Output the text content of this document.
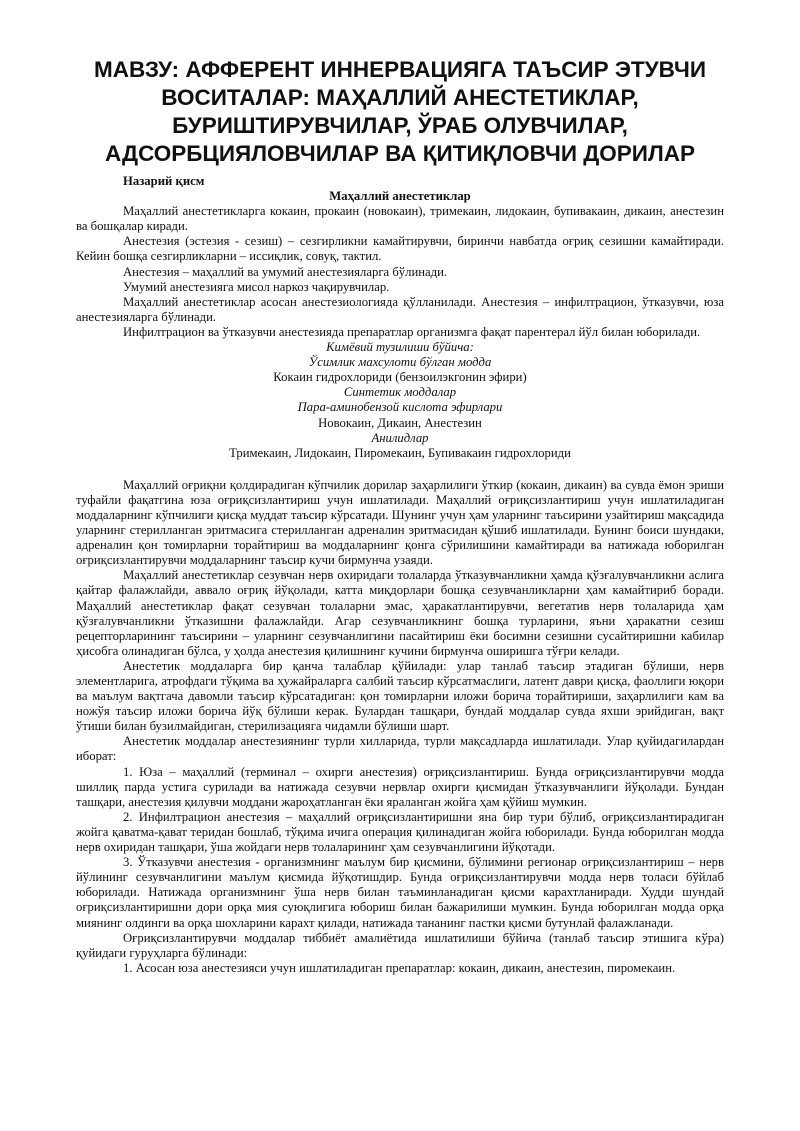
МАВЗУ: АФФЕРЕНТ ИННЕРВАЦИЯГА ТАЪСИР ЭТУВЧИ
ВОСИТАЛАР: МАҲАЛЛИЙ АНЕСТЕТИКЛАР,
БУРИШТИРУВЧИЛАР, ЎРАБ ОЛУВЧИЛАР,
АДСОРБЦИЯЛОВЧИЛАР ВА ҚИТИҚЛОВЧИ ДОРИЛАР

Назарий қисм

Маҳаллий анестетиклар

Маҳаллий анестетикларга кокаин, прокаин (новокаин), тримекаин, лидокаин, бупивакаин, дикаин, анестезин ва бошқалар киради.

Анестезия (эстезия - сезиш) – сезгирликни камайтирувчи, биринчи навбатда оғриқ сезишни камайтиради. Кейин бошқа сезгирликларни – иссиқлик, совуқ, тактил.

Анестезия – маҳаллий ва умумий анестезияларга бўлинади.

Умумий анестезияга мисол наркоз чақирувчилар.

Маҳаллий анестетиклар асосан анестезиологияда қўлланилади. Анестезия – инфилтрацион, ўтказувчи, юза анестезияларга бўлинади.

Инфилтрацион ва ўтказувчи анестезияда препаратлар организмга фақат парентерал йўл билан юборилади.

Кимёвий тузилиши бўйича:

Ўсимлик махсулоти бўлган модда

Кокаин гидрохлориди (бензоилэкгонин эфири)

Синтетик моддалар

Пара-аминобензой кислота эфирлари

Новокаин, Дикаин, Анестезин

Анилидлар

Тримекаин, Лидокаин, Пиромекаин, Бупивакаин гидрохлориди

Маҳаллий оғриқни қолдирадиган кўпчилик дорилар заҳарлилиги ўткир (кокаин, дикаин) ва сувда ёмон эриши туфайли фақатгина юза оғриқсизлантириш учун ишлатилади. Маҳаллий оғриқсизлантириш учун ишлатиладиган моддаларнинг кўпчилиги қисқа муддат таъсир кўрсатади. Шунинг учун ҳам уларнинг таъсирини узайтириш мақсадида уларнинг стерилланган эритмасига стерилланган адреналин эритмасидан қўшиб ишлатилади. Бунинг боиси шундаки, адреналин қон томирларни торайтириш ва моддаларнинг қонга сўрилишини камайтиради ва натижада юборилган оғриқсизлантирувчи моддаларнинг таъсир кучи бирмунча узаяди.

Маҳаллий анестетиклар сезувчан нерв охиридаги толаларда ўтказувчанликни ҳамда қўзғалувчанликни аслига қайтар фалажлайди, аввало оғриқ йўқолади, катта миқдорлари бошқа сезувчанликларни ҳам камайтириб боради. Маҳаллий анестетиклар фақат сезувчан толаларни эмас, ҳаракатлантирувчи, вегетатив нерв толаларида ҳам қўзғалувчанликни ўтказишни фалажлайди. Агар сезувчанликнинг бошқа турларини, яъни ҳаракатни сезиш рецепторларининг таъсирини – уларнинг сезувчанлигини пасайтириш ёки босимни сезишни сусайтиришни кабилар ҳисобга олинадиган бўлса, у ҳолда анестезия қилишнинг кучини бирмунча оширишга тўғри келади.

Анестетик моддаларга бир қанча талаблар қўйилади: улар танлаб таъсир этадиган бўлиши, нерв элементларига, атрофдаги тўқима ва ҳужайраларга салбий таъсир кўрсатмаслиги, латент даври қисқа, фаоллиги юқори ва маълум вақтгача давомли таъсир кўрсатадиган: қон томирларни иложи борича торайтириши, заҳарлилиги кам ва ножўя таъсир иложи борича йўқ бўлиши керак. Булардан ташқари, бундай моддалар сувда яхши эрийдиган, вақт ўтиши билан бузилмайдиган, стерилизацияга чидамли бўлиши шарт.

Анестетик моддалар анестезиянинг турли хилларида, турли мақсадларда ишлатилади. Улар қуйидагилардан иборат:

1. Юза – маҳаллий (терминал – охирги анестезия) оғриқсизлантириш. Бунда оғриқсизлантирувчи модда шиллиқ парда устига сурилади ва натижада сезувчи нервлар охирги қисмидан ўтказувчанлиги йўқолади. Бундан ташқари, анестезия қилувчи моддани жароҳатланган ёки яраланган жойга ҳам қўйиш мумкин.

2. Инфилтрацион анестезия – маҳаллий оғриқсизлантиришни яна бир тури бўлиб, оғриқсизлантирадиган жойга қаватма-қават теридан бошлаб, тўқима ичига операция қилинадиган жойга юборилади. Бунда юборилган модда нерв охиридан ташқари, ўша жойдаги нерв толаларининг ҳам сезувчанлигини йўқотади.

3. Ўтказувчи анестезия - организмнинг маълум бир қисмини, бўлимини регионар оғриқсизлантириш – нерв йўлининг сезувчанлигини маълум қисмида йўқотишдир. Бунда оғриқсизлантирувчи модда нерв толаси бўйлаб юборилади. Натижада организмнинг ўша нерв билан таъминланадиган қисми карахтланиради. Худди шундай оғриқсизлантиришни дори орқа мия суюқлигига юбориш билан бажарилиши мумкин. Бунда юборилган модда орқа миянинг олдинги ва орқа шохларини карахт қилади, натижада тананинг пастки қисми бутунлай фалажланади.

Оғриқсизлантирувчи моддалар тиббиёт амалиётида ишлатилиши бўйича (танлаб таъсир этишига кўра) қуйидаги гуруҳларга бўлинади:

1. Асосан юза анестезияси учун ишлатиладиган препаратлар: кокаин, дикаин, анестезин, пиромекаин.
